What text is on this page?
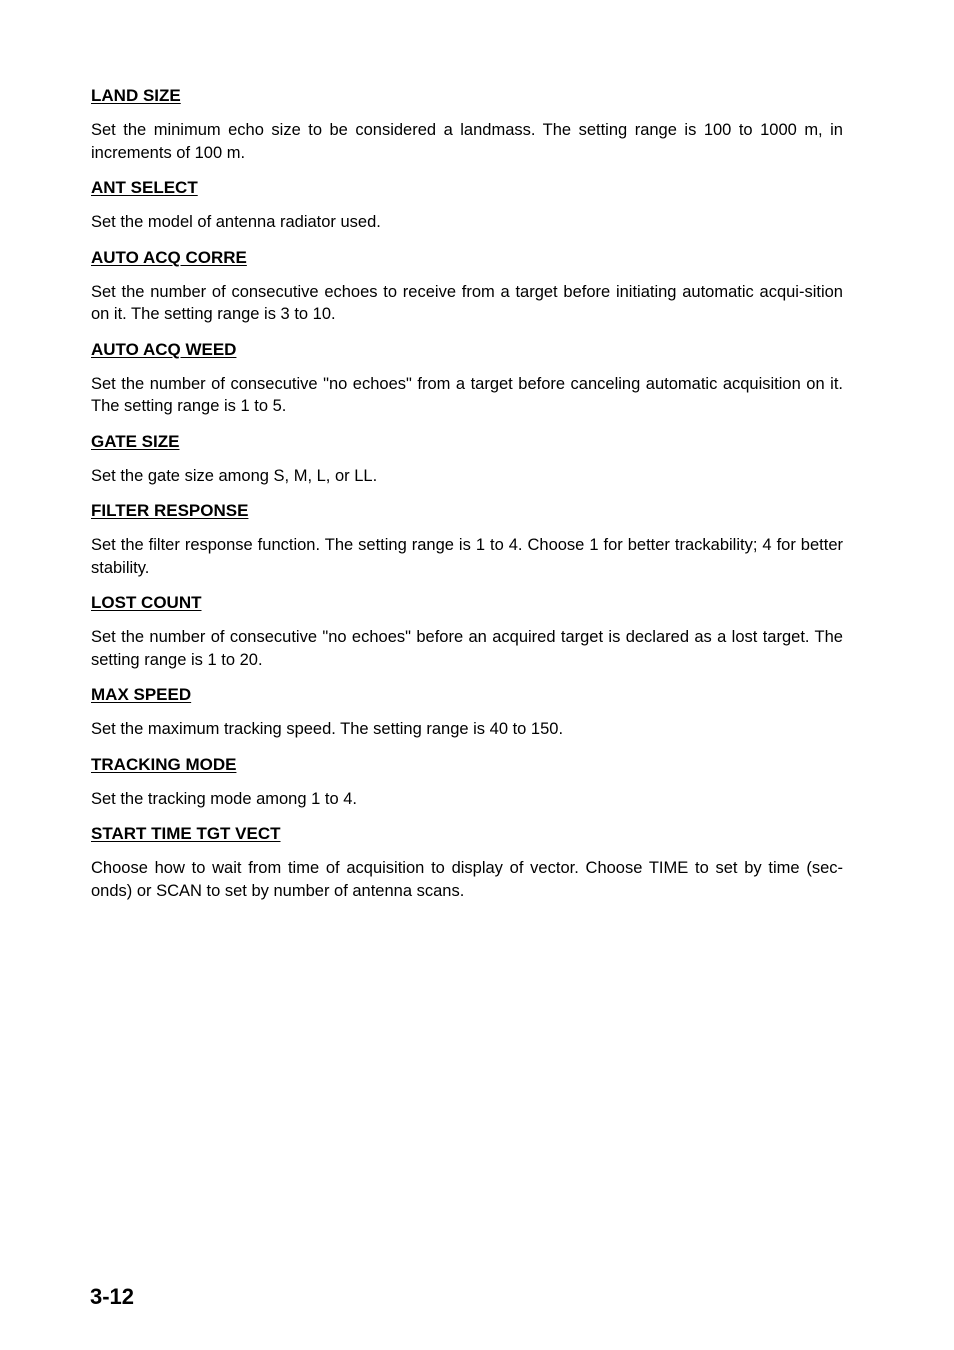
LAND SIZE
Set the minimum echo size to be considered a landmass. The setting range is 100 to 1000 m, in increments of 100 m.
ANT SELECT
Set the model of antenna radiator used.
AUTO ACQ CORRE
Set the number of consecutive echoes to receive from a target before initiating automatic acqui-sition on it. The setting range is 3 to 10.
AUTO ACQ WEED
Set the number of consecutive "no echoes" from a target before canceling automatic acquisition on it. The setting range is 1 to 5.
GATE SIZE
Set the gate size among S, M, L, or LL.
FILTER RESPONSE
Set the filter response function. The setting range is 1 to 4. Choose 1 for better trackability; 4 for better stability.
LOST COUNT
Set the number of consecutive "no echoes" before an acquired target is declared as a lost target. The setting range is 1 to 20.
MAX SPEED
Set the maximum tracking speed. The setting range is 40 to 150.
TRACKING MODE
Set the tracking mode among 1 to 4.
START TIME TGT VECT
Choose how to wait from time of acquisition to display of vector. Choose TIME to set by time (sec-onds) or SCAN to set by number of antenna scans.
3-12
